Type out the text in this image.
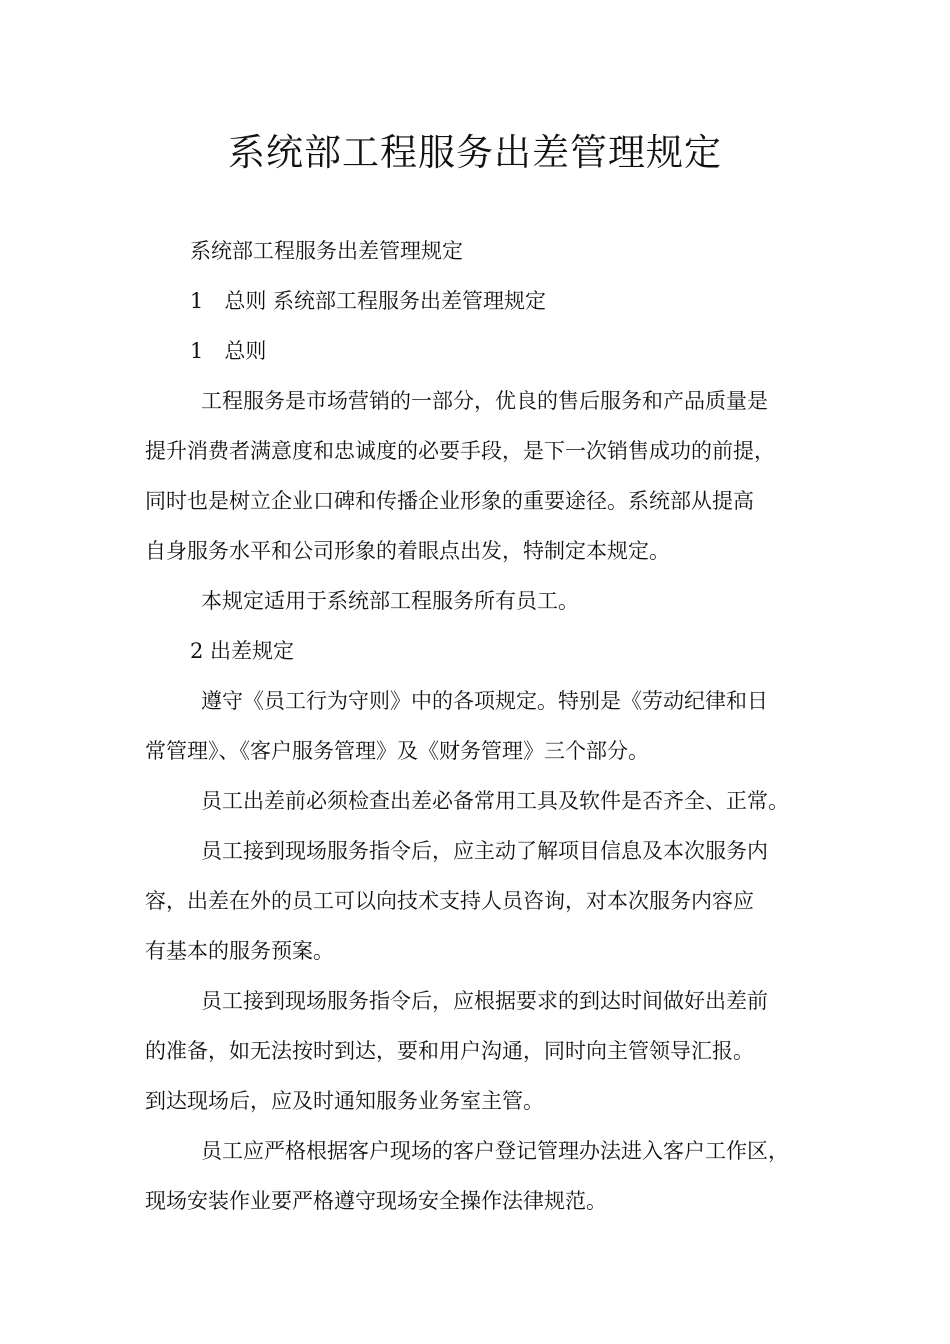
系统部工程服务出差管理规定
系统部工程服务出差管理规定
1　总则 系统部工程服务出差管理规定
1　总则
工程服务是市场营销的一部分，优良的售后服务和产品质量是
提升消费者满意度和忠诚度的必要手段，是下一次销售成功的前提，
同时也是树立企业口碑和传播企业形象的重要途径。系统部从提高
自身服务水平和公司形象的着眼点出发，特制定本规定。
本规定适用于系统部工程服务所有员工。
2 出差规定
遵守《员工行为守则》中的各项规定。特别是《劳动纪律和日
常管理》、《客户服务管理》及《财务管理》三个部分。
员工出差前必须检查出差必备常用工具及软件是否齐全、正常。
员工接到现场服务指令后，应主动了解项目信息及本次服务内
容，出差在外的员工可以向技术支持人员咨询，对本次服务内容应
有基本的服务预案。
员工接到现场服务指令后，应根据要求的到达时间做好出差前
的准备，如无法按时到达，要和用户沟通，同时向主管领导汇报。
到达现场后，应及时通知服务业务室主管。
员工应严格根据客户现场的客户登记管理办法进入客户工作区，
现场安装作业要严格遵守现场安全操作法律规范。
